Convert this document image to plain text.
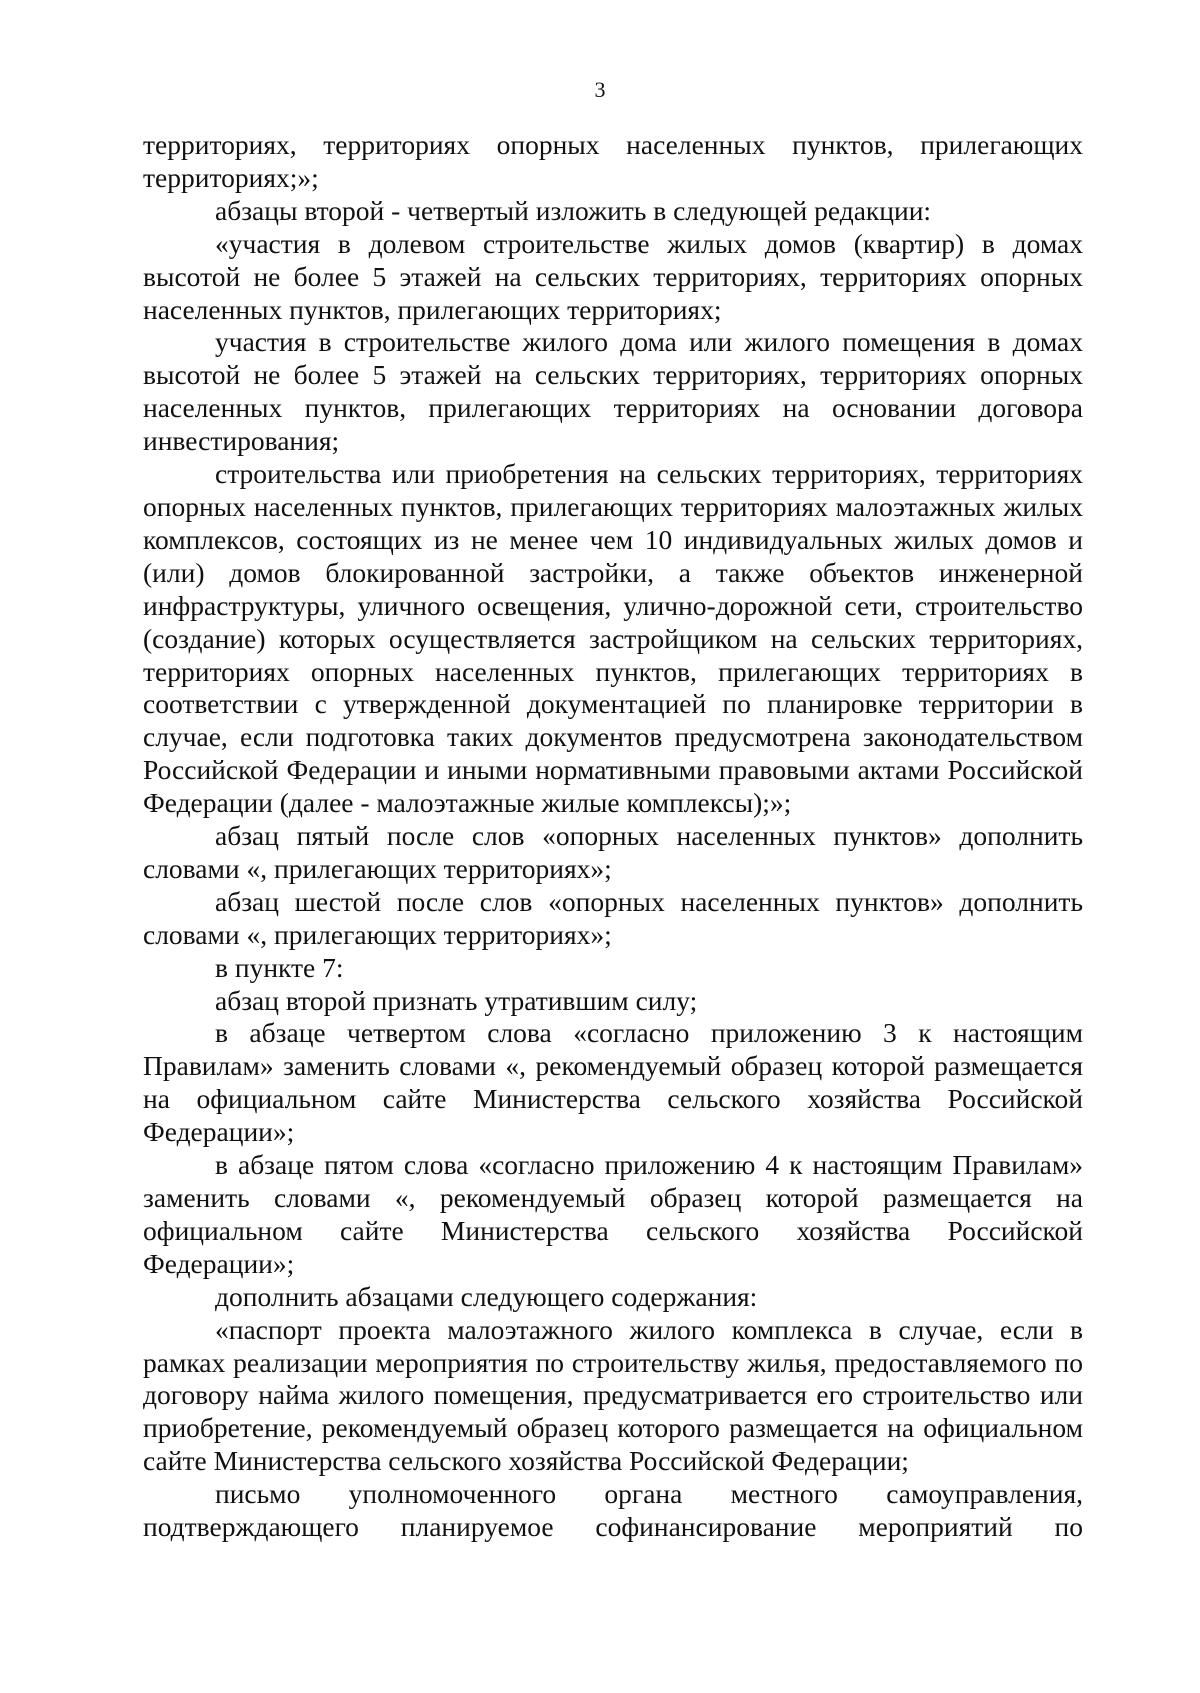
3

территориях, территориях опорных населенных пунктов, прилегающих территориях;»;

абзацы второй - четвертый изложить в следующей редакции:

«участия в долевом строительстве жилых домов (квартир) в домах высотой не более 5 этажей на сельских территориях, территориях опорных населенных пунктов, прилегающих территориях;

участия в строительстве жилого дома или жилого помещения в домах высотой не более 5 этажей на сельских территориях, территориях опорных населенных пунктов, прилегающих территориях на основании договора инвестирования;

строительства или приобретения на сельских территориях, территориях опорных населенных пунктов, прилегающих территориях малоэтажных жилых комплексов, состоящих из не менее чем 10 индивидуальных жилых домов и (или) домов блокированной застройки, а также объектов инженерной инфраструктуры, уличного освещения, улично-дорожной сети, строительство (создание) которых осуществляется застройщиком на сельских территориях, территориях опорных населенных пунктов, прилегающих территориях в соответствии с утвержденной документацией по планировке территории в случае, если подготовка таких документов предусмотрена законодательством Российской Федерации и иными нормативными правовыми актами Российской Федерации (далее - малоэтажные жилые комплексы);»;

абзац пятый после слов «опорных населенных пунктов» дополнить словами «, прилегающих территориях»;

абзац шестой после слов «опорных населенных пунктов» дополнить словами «, прилегающих территориях»;

в пункте 7:

абзац второй признать утратившим силу;

в абзаце четвертом слова «согласно приложению 3 к настоящим Правилам» заменить словами «, рекомендуемый образец которой размещается на официальном сайте Министерства сельского хозяйства Российской Федерации»;

в абзаце пятом слова «согласно приложению 4 к настоящим Правилам» заменить словами «, рекомендуемый образец которой размещается на официальном сайте Министерства сельского хозяйства Российской Федерации»;

дополнить абзацами следующего содержания:

«паспорт проекта малоэтажного жилого комплекса в случае, если в рамках реализации мероприятия по строительству жилья, предоставляемого по договору найма жилого помещения, предусматривается его строительство или приобретение, рекомендуемый образец которого размещается на официальном сайте Министерства сельского хозяйства Российской Федерации;

письмо уполномоченного органа местного самоуправления, подтверждающего планируемое софинансирование мероприятий по
